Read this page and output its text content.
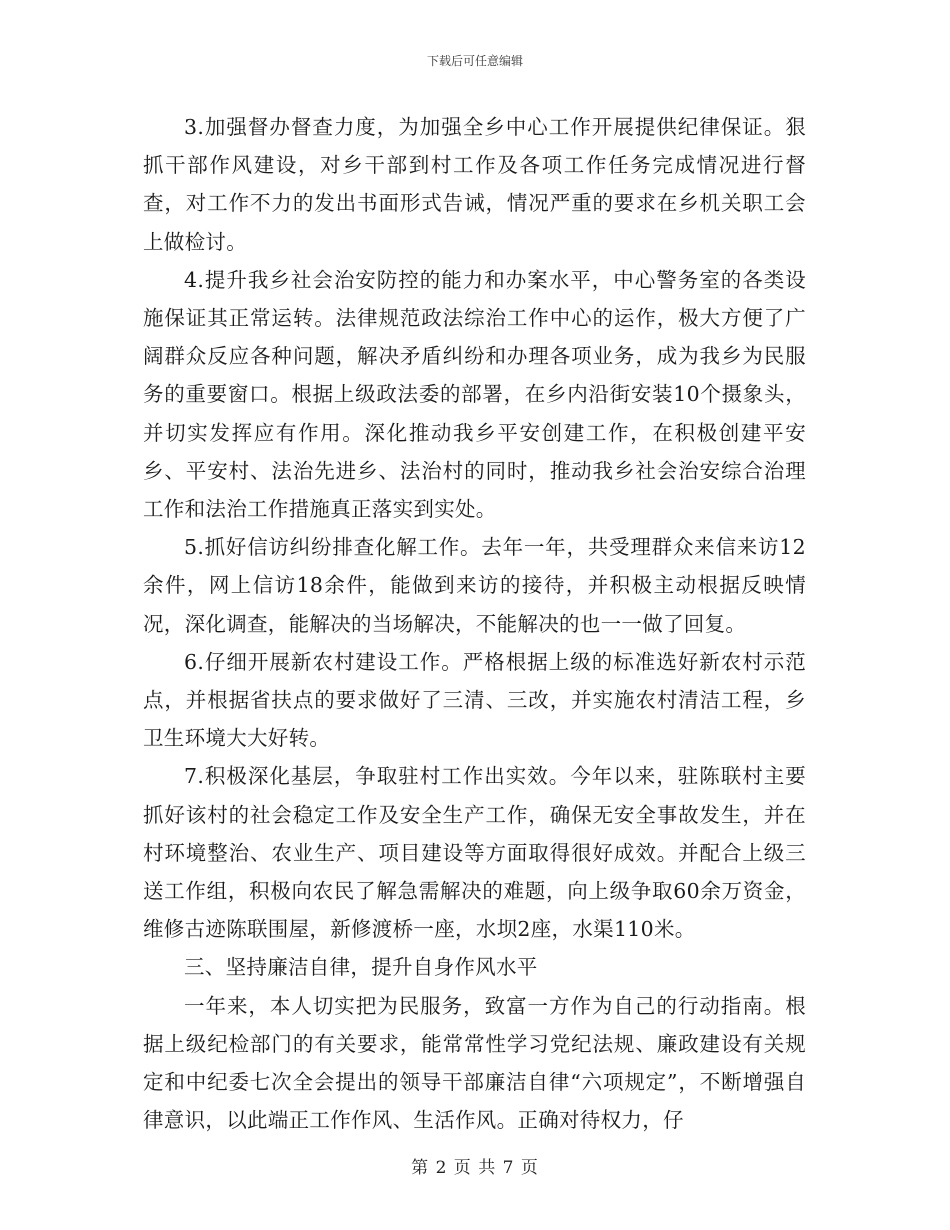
下载后可任意编辑

3.加强督办督查力度，为加强全乡中心工作开展提供纪律保证。狠抓干部作风建设，对乡干部到村工作及各项工作任务完成情况进行督查，对工作不力的发出书面形式告诫，情况严重的要求在乡机关职工会上做检讨。

4.提升我乡社会治安防控的能力和办案水平，中心警务室的各类设施保证其正常运转。法律规范政法综治工作中心的运作，极大方便了广阔群众反应各种问题，解决矛盾纠纷和办理各项业务，成为我乡为民服务的重要窗口。根据上级政法委的部署，在乡内沿街安装10个摄象头，并切实发挥应有作用。深化推动我乡平安创建工作，在积极创建平安乡、平安村、法治先进乡、法治村的同时，推动我乡社会治安综合治理工作和法治工作措施真正落实到实处。

5.抓好信访纠纷排查化解工作。去年一年，共受理群众来信来访12余件，网上信访18余件，能做到来访的接待，并积极主动根据反映情况，深化调查，能解决的当场解决，不能解决的也一一做了回复。

6.仔细开展新农村建设工作。严格根据上级的标准选好新农村示范点，并根据省扶点的要求做好了三清、三改，并实施农村清洁工程，乡卫生环境大大好转。

7.积极深化基层，争取驻村工作出实效。今年以来，驻陈联村主要抓好该村的社会稳定工作及安全生产工作，确保无安全事故发生，并在村环境整治、农业生产、项目建设等方面取得很好成效。并配合上级三送工作组，积极向农民了解急需解决的难题，向上级争取60余万资金，维修古迹陈联围屋，新修渡桥一座，水坝2座，水渠110米。

三、坚持廉洁自律，提升自身作风水平

一年来，本人切实把为民服务，致富一方作为自己的行动指南。根据上级纪检部门的有关要求，能常常性学习党纪法规、廉政建设有关规定和中纪委七次全会提出的领导干部廉洁自律“六项规定”，不断增强自律意识，以此端正工作作风、生活作风。正确对待权力，仔

第 2 页 共 7 页
